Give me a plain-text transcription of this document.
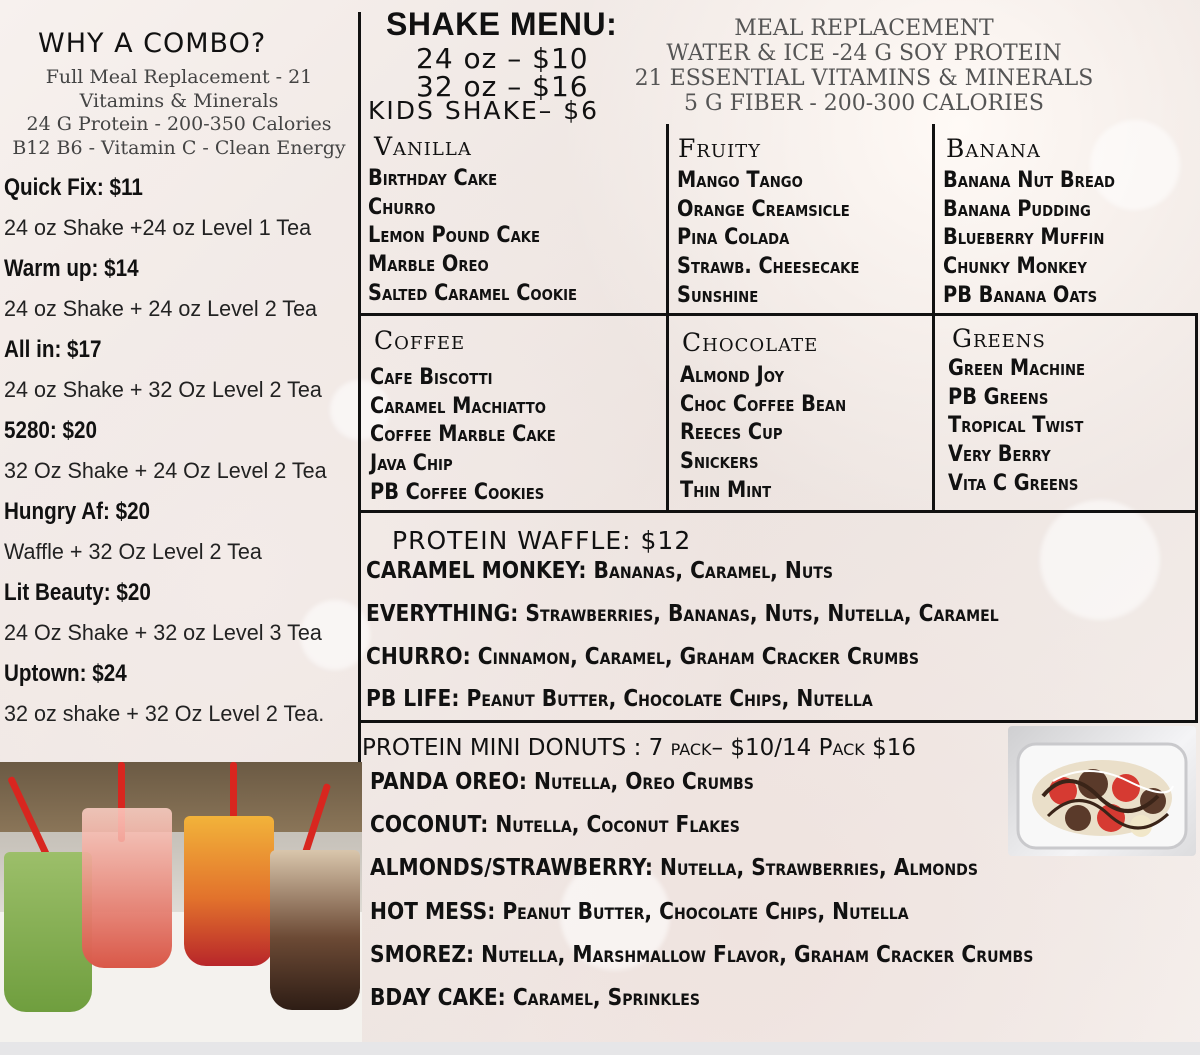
WHY A COMBO?
Full Meal Replacement - 21
Vitamins & Minerals
24 G Protein - 200-350 Calories
B12 B6 - Vitamin C - Clean Energy
Quick Fix: $11
24 oz Shake +24 oz Level 1 Tea
Warm up: $14
24 oz Shake + 24 oz Level 2 Tea
All in: $17
24 oz Shake + 32 Oz Level 2 Tea
5280: $20
32 Oz Shake + 24 Oz Level 2 Tea
Hungry Af: $20
Waffle + 32 Oz Level 2 Tea
Lit Beauty: $20
24 Oz Shake + 32 oz Level 3 Tea
Uptown: $24
32 oz shake + 32 Oz Level 2 Tea.
SHAKE MENU:
24 oz – $10
32 oz – $16
KIDS SHAKE– $6
MEAL REPLACEMENT
WATER & ICE -24 G SOY PROTEIN
21 ESSENTIAL VITAMINS & MINERALS
5 G FIBER - 200-300 CALORIES
Vanilla
Birthday Cake
Churro
Lemon Pound Cake
Marble Oreo
Salted Caramel Cookie
Fruity
Mango Tango
Orange Creamsicle
Pina Colada
Strawb. Cheesecake
Sunshine
Banana
Banana Nut Bread
Banana Pudding
Blueberry Muffin
Chunky Monkey
PB Banana Oats
Coffee
Cafe Biscotti
Caramel Machiatto
Coffee Marble Cake
Java Chip
PB Coffee Cookies
Chocolate
Almond Joy
Choc Coffee Bean
Reeces Cup
Snickers
Thin Mint
Greens
Green Machine
PB Greens
Tropical Twist
Very Berry
Vita C Greens
PROTEIN WAFFLE: $12
CARAMEL MONKEY: Bananas, Caramel, Nuts
EVERYTHING: Strawberries, Bananas, Nuts, Nutella, Caramel
CHURRO: Cinnamon, Caramel, Graham Cracker Crumbs
PB LIFE: Peanut Butter, Chocolate Chips, Nutella
PROTEIN MINI DONUTS : 7 pack– $10/14 Pack $16
PANDA OREO: Nutella, Oreo Crumbs
COCONUT: Nutella, Coconut Flakes
ALMONDS/STRAWBERRY: Nutella, Strawberries, Almonds
HOT MESS: Peanut Butter, Chocolate Chips, Nutella
SMOREZ: Nutella, Marshmallow Flavor, Graham Cracker Crumbs
BDAY CAKE: Caramel, Sprinkles
